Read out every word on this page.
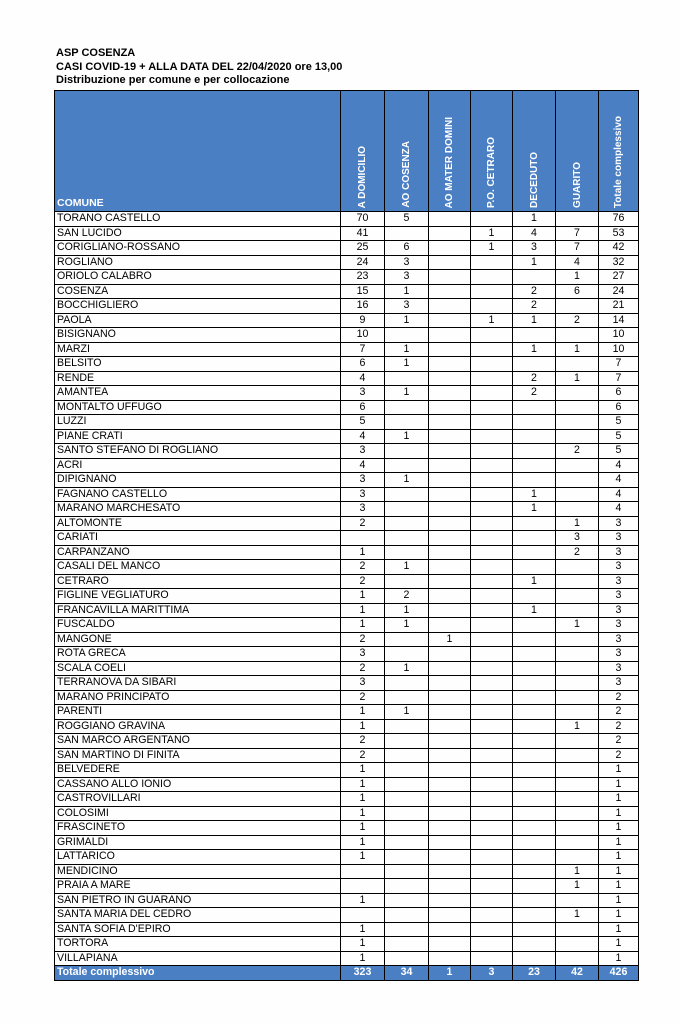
ASP COSENZA
CASI COVID-19 + ALLA DATA DEL 22/04/2020 ore 13,00
Distribuzione per comune e per collocazione
COMUNE	A DOMICILIO	AO COSENZA	AO MATER DOMINI	P.O. CETRARO	DECEDUTO	GUARITO	Totale complessivo
TORANO CASTELLO	70	5			1		76
SAN LUCIDO	41			1	4	7	53
CORIGLIANO-ROSSANO	25	6		1	3	7	42
ROGLIANO	24	3			1	4	32
ORIOLO CALABRO	23	3				1	27
COSENZA	15	1			2	6	24
BOCCHIGLIERO	16	3			2		21
PAOLA	9	1		1	1	2	14
BISIGNANO	10						10
MARZI	7	1			1	1	10
BELSITO	6	1					7
RENDE	4				2	1	7
AMANTEA	3	1			2		6
MONTALTO UFFUGO	6						6
LUZZI	5						5
PIANE CRATI	4	1					5
SANTO STEFANO DI ROGLIANO	3					2	5
ACRI	4						4
DIPIGNANO	3	1					4
FAGNANO CASTELLO	3				1		4
MARANO MARCHESATO	3				1		4
ALTOMONTE	2					1	3
CARIATI						3	3
CARPANZANO	1					2	3
CASALI DEL MANCO	2	1					3
CETRARO	2				1		3
FIGLINE VEGLIATURO	1	2					3
FRANCAVILLA MARITTIMA	1	1			1		3
FUSCALDO	1	1				1	3
MANGONE	2		1				3
ROTA GRECA	3						3
SCALA COELI	2	1					3
TERRANOVA DA SIBARI	3						3
MARANO PRINCIPATO	2						2
PARENTI	1	1					2
ROGGIANO GRAVINA	1					1	2
SAN MARCO ARGENTANO	2						2
SAN MARTINO DI FINITA	2						2
BELVEDERE	1						1
CASSANO ALLO IONIO	1						1
CASTROVILLARI	1						1
COLOSIMI	1						1
FRASCINETO	1						1
GRIMALDI	1						1
LATTARICO	1						1
MENDICINO						1	1
PRAIA A MARE						1	1
SAN PIETRO IN GUARANO	1						1
SANTA MARIA DEL CEDRO						1	1
SANTA SOFIA D'EPIRO	1						1
TORTORA	1						1
VILLAPIANA	1						1
Totale complessivo	323	34	1	3	23	42	426
